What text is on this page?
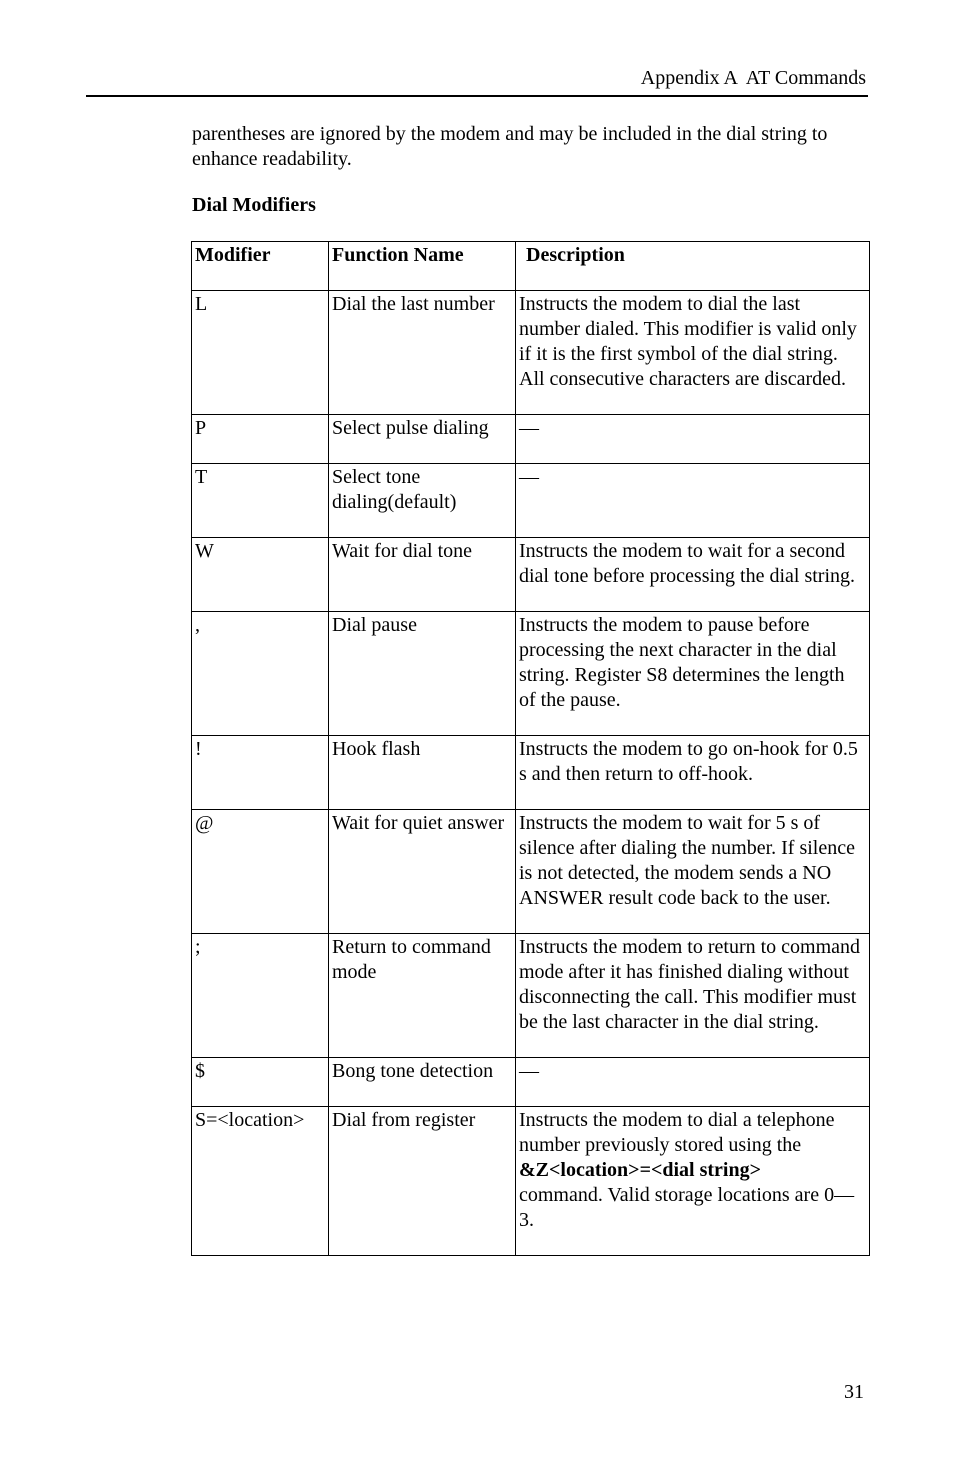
Appendix A  AT Commands

parentheses are ignored by the modem and may be included in the dial string to enhance readability.

Dial Modifiers
Modifier	Function Name	Description
L	Dial the last number	Instructs the modem to dial the last number dialed. This modifier is valid only if it is the first symbol of the dial string. All consecutive characters are discarded.
P	Select pulse dialing	—
T	Select tone dialing(default)	—
W	Wait for dial tone	Instructs the modem to wait for a second dial tone before processing the dial string.
,	Dial pause	Instructs the modem to pause before processing the next character in the dial string. Register S8 determines the length of the pause.
!	Hook flash	Instructs the modem to go on-hook for 0.5 s and then return to off-hook.
@	Wait for quiet answer	Instructs the modem to wait for 5 s of silence after dialing the number. If silence is not detected, the modem sends a NO ANSWER result code back to the user.
;	Return to command mode	Instructs the modem to return to command mode after it has finished dialing without disconnecting the call. This modifier must be the last character in the dial string.
$	Bong tone detection	—
S=<location>	Dial from register	Instructs the modem to dial a telephone number previously stored using the
&Z<location>=<dial string>
command. Valid storage locations are 0—3.
31
